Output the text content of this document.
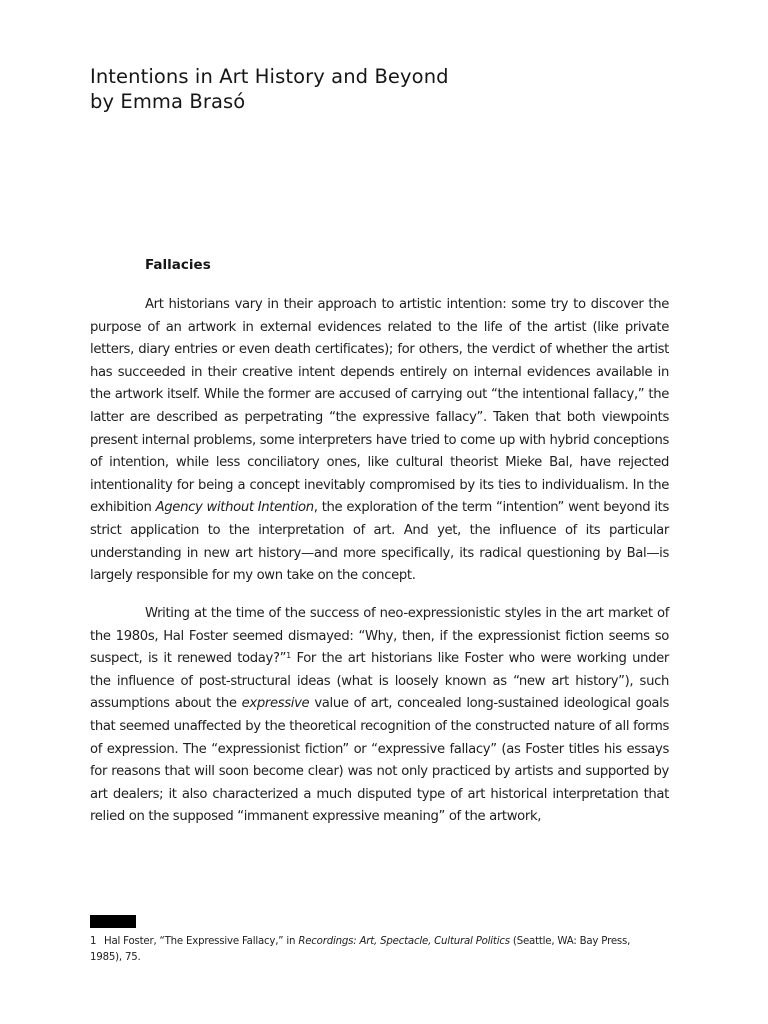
Intentions in Art History and Beyond
by Emma Brasó
Fallacies

Art historians vary in their approach to artistic intention: some try to discover the purpose of an artwork in external evidences related to the life of the artist (like private letters, diary entries or even death certificates); for others, the verdict of whether the artist has succeeded in their creative intent depends entirely on internal evidences available in the artwork itself. While the former are accused of carrying out “the intentional fallacy,” the latter are described as perpetrating “the expressive fallacy”. Taken that both viewpoints present internal problems, some interpreters have tried to come up with hybrid conceptions of intention, while less conciliatory ones, like cultural theorist Mieke Bal, have rejected intentionality for being a concept inevitably compromised by its ties to individualism. In the exhibition Agency without Intention, the exploration of the term “intention” went beyond its strict application to the interpretation of art. And yet, the influence of its particular understanding in new art history—and more specifically, its radical questioning by Bal—is largely responsible for my own take on the concept.

Writing at the time of the success of neo-expressionistic styles in the art market of the 1980s, Hal Foster seemed dismayed: “Why, then, if the expressionist fiction seems so suspect, is it renewed today?”$^1$ For the art historians like Foster who were working under the influence of post-structural ideas (what is loosely known as “new art history”), such assumptions about the expressive value of art, concealed long-sustained ideological goals that seemed unaffected by the theoretical recognition of the constructed nature of all forms of expression. The “expressionist fiction” or “expressive fallacy” (as Foster titles his essays for reasons that will soon become clear) was not only practiced by artists and supported by art dealers; it also characterized a much disputed type of art historical interpretation that relied on the supposed “immanent expressive meaning” of the artwork,

1 Hal Foster, “The Expressive Fallacy,” in Recordings: Art, Spectacle, Cultural Politics (Seattle, WA: Bay Press, 1985), 75.
